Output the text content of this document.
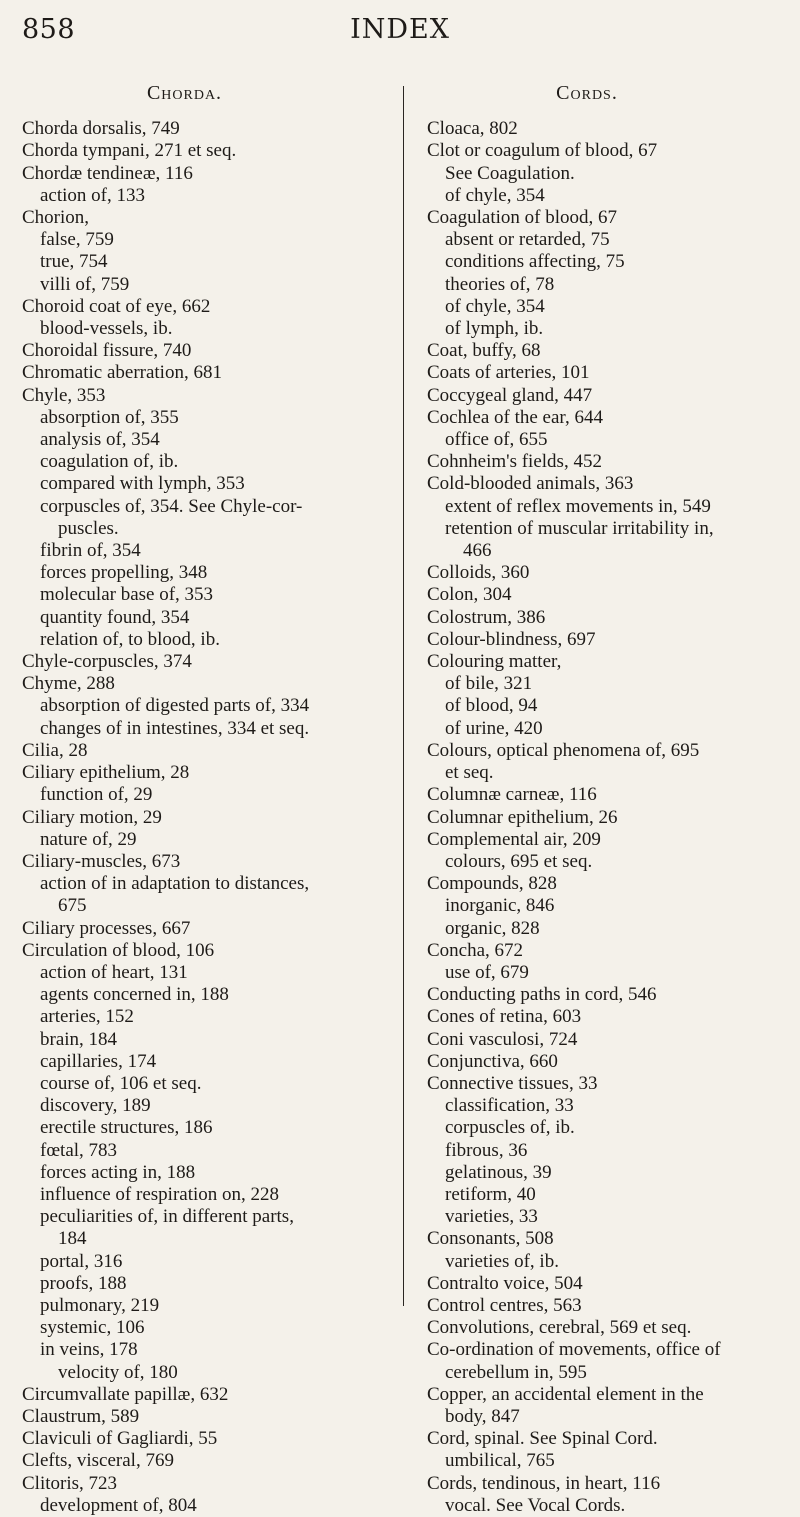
858	INDEX
Chorda.
Chorda dorsalis, 749
Chorda tympani, 271 et seq.
Chordæ tendineæ, 116
action of, 133
Chorion,
false, 759
true, 754
villi of, 759
Choroid coat of eye, 662
blood-vessels, ib.
Choroidal fissure, 740
Chromatic aberration, 681
Chyle, 353
absorption of, 355
analysis of, 354
coagulation of, ib.
compared with lymph, 353
corpuscles of, 354. See Chyle-cor-
puscles.
fibrin of, 354
forces propelling, 348
molecular base of, 353
quantity found, 354
relation of, to blood, ib.
Chyle-corpuscles, 374
Chyme, 288
absorption of digested parts of, 334
changes of in intestines, 334 et seq.
Cilia, 28
Ciliary epithelium, 28
function of, 29
Ciliary motion, 29
nature of, 29
Ciliary-muscles, 673
action of in adaptation to distances,
675
Ciliary processes, 667
Circulation of blood, 106
action of heart, 131
agents concerned in, 188
arteries, 152
brain, 184
capillaries, 174
course of, 106 et seq.
discovery, 189
erectile structures, 186
fœtal, 783
forces acting in, 188
influence of respiration on, 228
peculiarities of, in different parts,
184
portal, 316
proofs, 188
pulmonary, 219
systemic, 106
in veins, 178
velocity of, 180
Circumvallate papillæ, 632
Claustrum, 589
Claviculi of Gagliardi, 55
Clefts, visceral, 769
Clitoris, 723
development of, 804
Cords.
Cloaca, 802
Clot or coagulum of blood, 67
See Coagulation.
of chyle, 354
Coagulation of blood, 67
absent or retarded, 75
conditions affecting, 75
theories of, 78
of chyle, 354
of lymph, ib.
Coat, buffy, 68
Coats of arteries, 101
Coccygeal gland, 447
Cochlea of the ear, 644
office of, 655
Cohnheim's fields, 452
Cold-blooded animals, 363
extent of reflex movements in, 549
retention of muscular irritability in,
466
Colloids, 360
Colon, 304
Colostrum, 386
Colour-blindness, 697
Colouring matter,
of bile, 321
of blood, 94
of urine, 420
Colours, optical phenomena of, 695
et seq.
Columnæ carneæ, 116
Columnar epithelium, 26
Complemental air, 209
colours, 695 et seq.
Compounds, 828
inorganic, 846
organic, 828
Concha, 672
use of, 679
Conducting paths in cord, 546
Cones of retina, 603
Coni vasculosi, 724
Conjunctiva, 660
Connective tissues, 33
classification, 33
corpuscles of, ib.
fibrous, 36
gelatinous, 39
retiform, 40
varieties, 33
Consonants, 508
varieties of, ib.
Contralto voice, 504
Control centres, 563
Convolutions, cerebral, 569 et seq.
Co-ordination of movements, office of
cerebellum in, 595
Copper, an accidental element in the
body, 847
Cord, spinal. See Spinal Cord.
umbilical, 765
Cords, tendinous, in heart, 116
vocal. See Vocal Cords.
